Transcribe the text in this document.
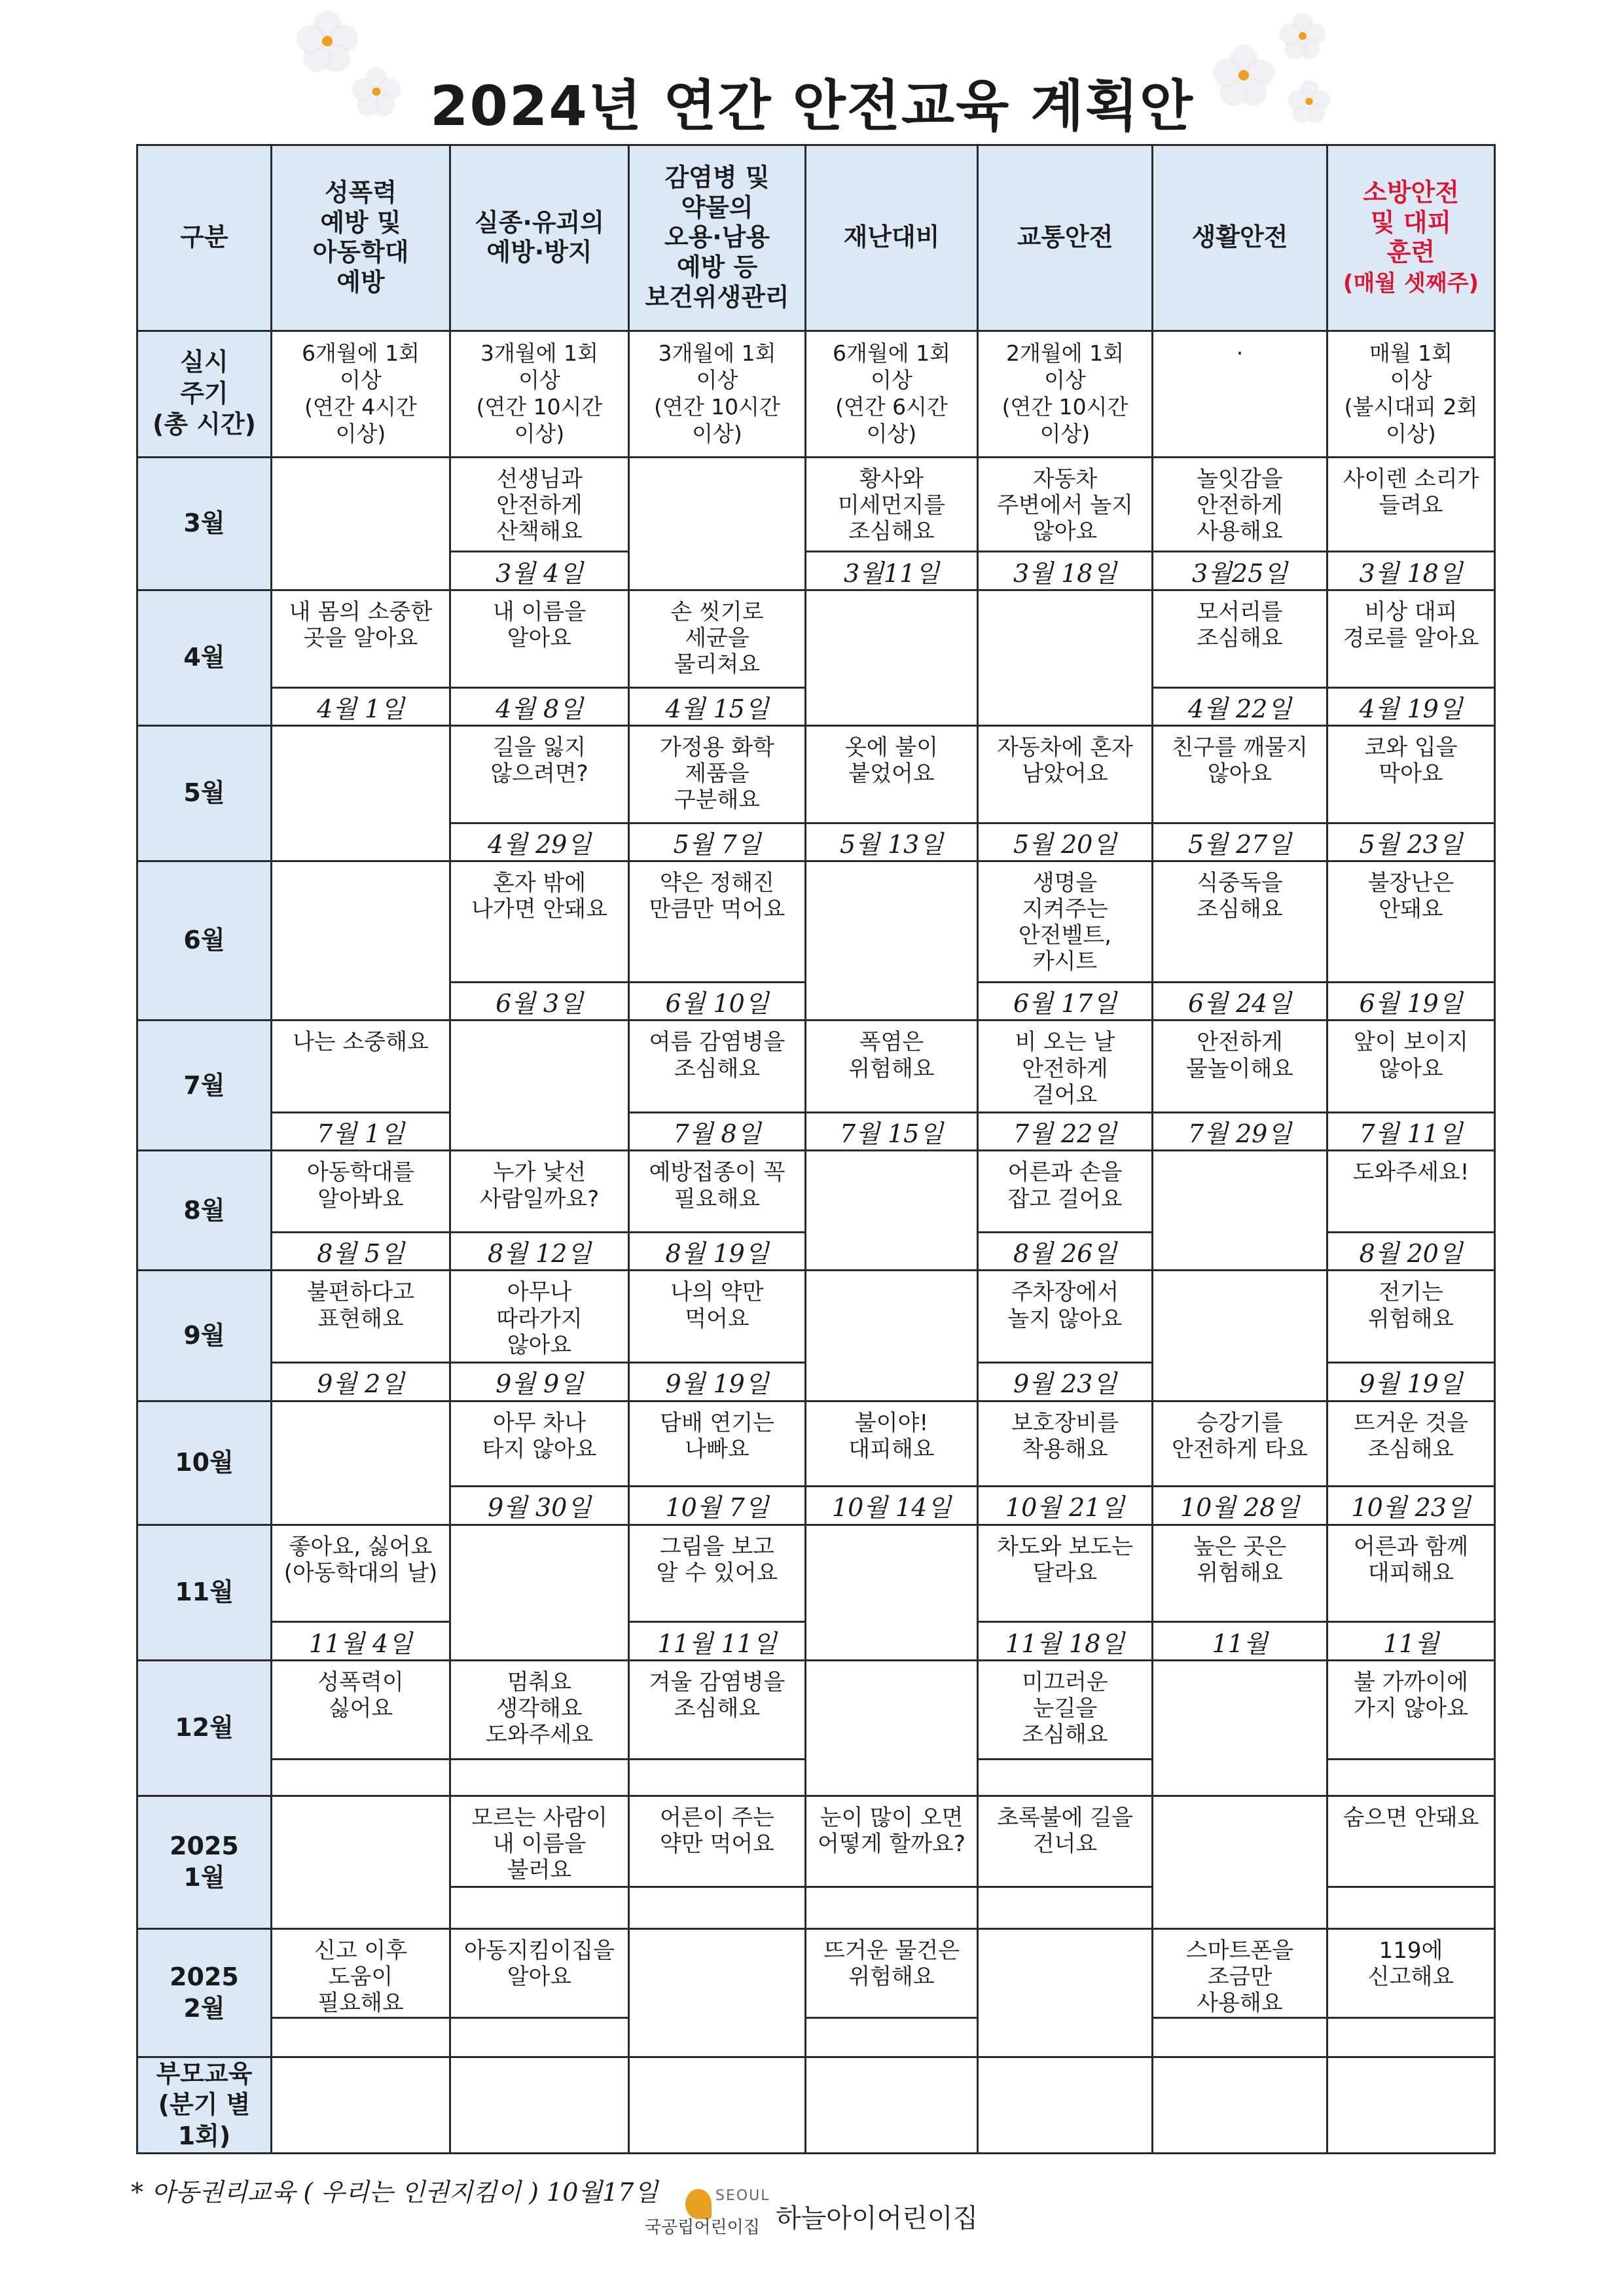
2024년 연간 안전교육 계획안
구분	성폭력
예방 및
아동학대
예방	실종·유괴의
예방·방지	감염병 및
약물의
오용·남용
예방 등
보건위생관리	재난대비	교통안전	생활안전	소방안전
및 대피
훈련
(매월 셋째주)
실시
주기
(총 시간)	6개월에 1회
이상
(연간 4시간
이상)	3개월에 1회
이상
(연간 10시간
이상)	3개월에 1회
이상
(연간 10시간
이상)	6개월에 1회
이상
(연간 6시간
이상)	2개월에 1회
이상
(연간 10시간
이상)	·	매월 1회
이상
(불시대피 2회
이상)
3월		선생님과
안전하게
산책해요		황사와
미세먼지를
조심해요	자동차
주변에서 놀지
않아요	놀잇감을
안전하게
사용해요	사이렌 소리가
들려요

		3월 4일		3월11일	3월 18일	3월25일	3월 18일

4월	내 몸의 소중한
곳을 알아요	내 이름을
알아요	손 씻기로
세균을
물리쳐요			모서리를
조심해요	비상 대피
경로를 알아요

	4월 1일	4월 8일	4월 15일			4월 22일	4월 19일

5월		길을 잃지
않으려면?	가정용 화학
제품을
구분해요	옷에 불이
붙었어요	자동차에 혼자
남았어요	친구를 깨물지
않아요	코와 입을
막아요

		4월 29일	5월 7일	5월 13일	5월 20일	5월 27일	5월 23일

6월		혼자 밖에
나가면 안돼요	약은 정해진
만큼만 먹어요		생명을
지켜주는
안전벨트,
카시트	식중독을
조심해요	불장난은
안돼요

		6월 3일	6월 10일		6월 17일	6월 24일	6월 19일

7월	나는 소중해요		여름 감염병을
조심해요	폭염은
위험해요	비 오는 날
안전하게
걸어요	안전하게
물놀이해요	앞이 보이지
않아요

	7월 1일		7월 8일	7월 15일	7월 22일	7월 29일	7월 11일

8월	아동학대를
알아봐요	누가 낯선
사람일까요?	예방접종이 꼭
필요해요		어른과 손을
잡고 걸어요		도와주세요!

	8월 5일	8월 12일	8월 19일		8월 26일		8월 20일

9월	불편하다고
표현해요	아무나
따라가지
않아요	나의 약만
먹어요		주차장에서
놀지 않아요		전기는
위험해요

	9월 2일	9월 9일	9월 19일		9월 23일		9월 19일

10월		아무 차나
타지 않아요	담배 연기는
나빠요	불이야!
대피해요	보호장비를
착용해요	승강기를
안전하게 타요	뜨거운 것을
조심해요

		9월 30일	10월 7일	10월 14일	10월 21일	10월 28일	10월 23일

11월	좋아요, 싫어요
(아동학대의 날)		그림을 보고
알 수 있어요		차도와 보도는
달라요	높은 곳은
위험해요	어른과 함께
대피해요

	11월 4일		11월 11일		11월 18일	11월	11월

12월	성폭력이
싫어요	멈춰요
생각해요
도와주세요	겨울 감염병을
조심해요		미끄러운
눈길을
조심해요		불 가까이에
가지 않아요

2025
1월		모르는 사람이
내 이름을
불러요	어른이 주는
약만 먹어요	눈이 많이 오면
어떻게 할까요?	초록불에 길을
건너요		숨으면 안돼요

2025
2월	신고 이후
도움이
필요해요	아동지킴이집을
알아요		뜨거운 물건은
위험해요		스마트폰을
조금만
사용해요	119에
신고해요

부모교육
(분기 별
1회)							
* 아동권리교육 ( 우리는 인권지킴이 ) 10월17일	SEOUL
국공립어린이집 하늘아이어린이집
